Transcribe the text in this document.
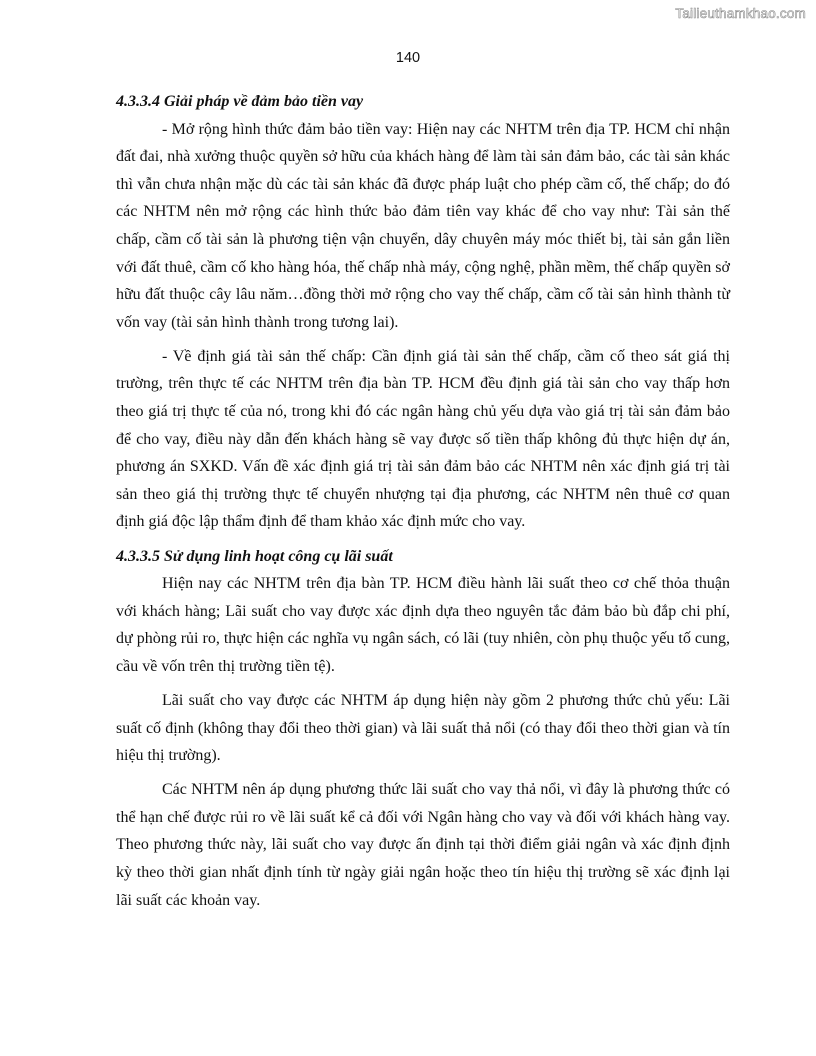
Tailieuthamkhao.com
140

4.3.3.4 Giải pháp về đảm bảo tiền vay

- Mở rộng hình thức đảm bảo tiền vay: Hiện nay các NHTM trên địa TP. HCM chỉ nhận đất đai, nhà xưởng thuộc quyền sở hữu của khách hàng để làm tài sản đảm bảo, các tài sản khác thì vẫn chưa nhận mặc dù các tài sản khác đã được pháp luật cho phép cầm cố, thế chấp; do đó các NHTM nên mở rộng các hình thức bảo đảm tiên vay khác để cho vay như: Tài sản thế chấp, cầm cố tài sản là phương tiện vận chuyển, dây chuyên máy móc thiết bị, tài sản gắn liền với đất thuê, cầm cố kho hàng hóa, thế chấp nhà máy, cộng nghệ, phần mềm, thế chấp quyền sở hữu đất thuộc cây lâu năm…đồng thời mở rộng cho vay thế chấp, cầm cố tài sản hình thành từ vốn vay (tài sản hình thành trong tương lai).

- Về định giá tài sản thế chấp: Cần định giá tài sản thế chấp, cầm cố theo sát giá thị trường, trên thực tế các NHTM trên địa bàn TP. HCM đều định giá tài sản cho vay thấp hơn theo giá trị thực tế của nó, trong khi đó các ngân hàng chủ yếu dựa vào giá trị tài sản đảm bảo để cho vay, điều này dẫn đến khách hàng sẽ vay được số tiền thấp không đủ thực hiện dự án, phương án SXKD. Vấn đề xác định giá trị tài sản đảm bảo các NHTM nên xác định giá trị tài sản theo giá thị trường thực tế chuyển nhượng tại địa phương, các NHTM nên thuê cơ quan định giá độc lập thẩm định để tham khảo xác định mức cho vay.

4.3.3.5 Sử dụng linh hoạt công cụ lãi suất

Hiện nay các NHTM trên địa bàn TP. HCM điều hành lãi suất theo cơ chế thỏa thuận với khách hàng; Lãi suất cho vay được xác định dựa theo nguyên tắc đảm bảo bù đắp chi phí, dự phòng rủi ro, thực hiện các nghĩa vụ ngân sách, có lãi (tuy nhiên, còn phụ thuộc yếu tố cung, cầu về vốn trên thị trường tiền tệ).

Lãi suất cho vay được các NHTM áp dụng hiện này gồm 2 phương thức chủ yếu: Lãi suất cố định (không thay đổi theo thời gian) và lãi suất thả nổi (có thay đổi theo thời gian và tín hiệu thị trường).

Các NHTM nên áp dụng phương thức lãi suất cho vay thả nổi, vì đây là phương thức có thể hạn chế được rủi ro về lãi suất kể cả đối với Ngân hàng cho vay và đối với khách hàng vay. Theo phương thức này, lãi suất cho vay được ấn định tại thời điểm giải ngân và xác định định kỳ theo thời gian nhất định tính từ ngày giải ngân hoặc theo tín hiệu thị trường sẽ xác định lại lãi suất các khoản vay.
